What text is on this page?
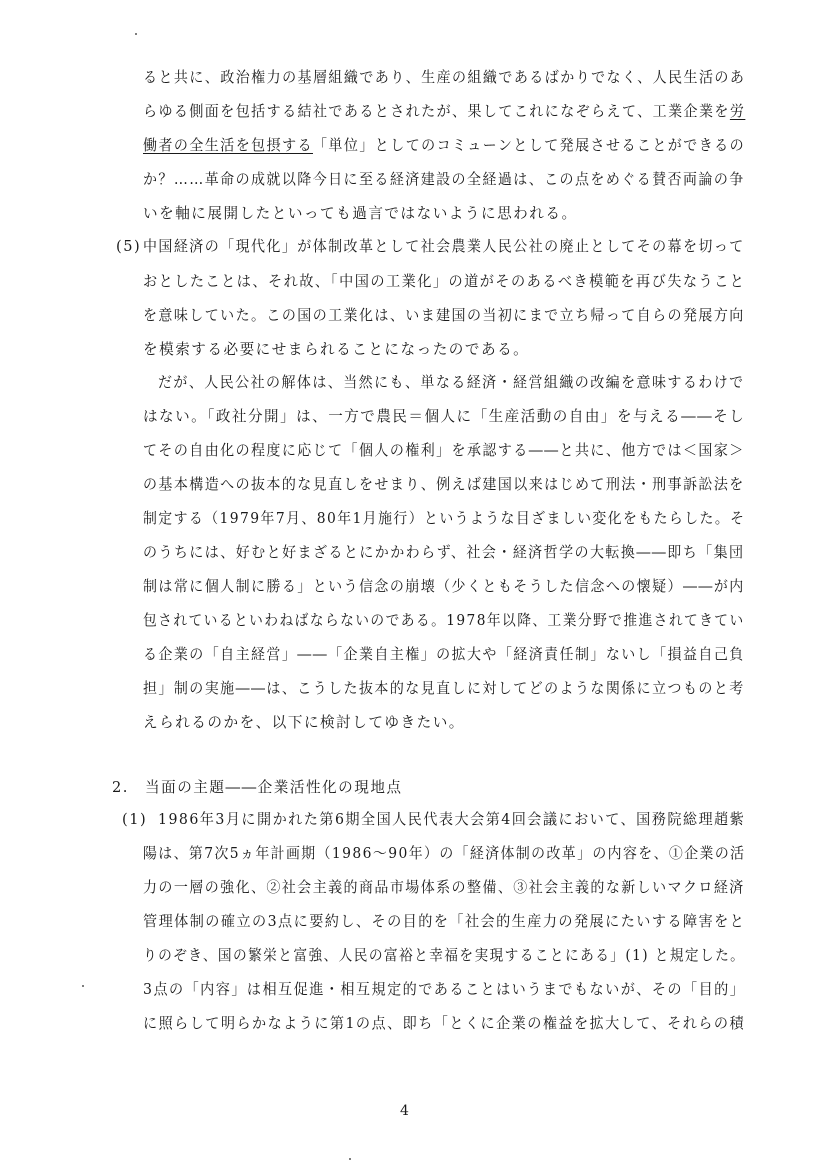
ると共に、政治権力の基層組織であり、生産の組織であるばかりでなく、人民生活のあ
らゆる側面を包括する結社であるとされたが、果してこれになぞらえて、工業企業を労
働者の全生活を包摂する「単位」としてのコミューンとして発展させることができるの
か？……革命の成就以降今日に至る経済建設の全経過は、この点をめぐる賛否両論の争
いを軸に展開したといっても過言ではないように思われる。
(5) 中国経済の「現代化」が体制改革として社会農業人民公社の廃止としてその幕を切って
おとしたことは、それ故、「中国の工業化」の道がそのあるべき模範を再び失なうこと
を意味していた。この国の工業化は、いま建国の当初にまで立ち帰って自らの発展方向
を模索する必要にせまられることになったのである。
だが、人民公社の解体は、当然にも、単なる経済・経営組織の改編を意味するわけで
はない。「政社分開」は、一方で農民＝個人に「生産活動の自由」を与える――そし
てその自由化の程度に応じて「個人の権利」を承認する――と共に、他方では＜国家＞
の基本構造への抜本的な見直しをせまり、例えば建国以来はじめて刑法・刑事訴訟法を
制定する（1979年7月、80年1月施行）というような目ざましい変化をもたらした。そ
のうちには、好むと好まざるとにかかわらず、社会・経済哲学の大転換――即ち「集団
制は常に個人制に勝る」という信念の崩壊（少くともそうした信念への懐疑）――が内
包されているといわねばならないのである。1978年以降、工業分野で推進されてきてい
る企業の「自主経営」――「企業自主権」の拡大や「経済責任制」ないし「損益自己負
担」制の実施――は、こうした抜本的な見直しに対してどのような関係に立つものと考
えられるのかを、以下に検討してゆきたい。
2.　当面の主題――企業活性化の現地点
(1) 1986年3月に開かれた第6期全国人民代表大会第4回会議において、国務院総理趙紫
陽は、第7次5ヵ年計画期（1986～90年）の「経済体制の改革」の内容を、①企業の活
力の一層の強化、②社会主義的商品市場体系の整備、③社会主義的な新しいマクロ経済
管理体制の確立の3点に要約し、その目的を「社会的生産力の発展にたいする障害をと
りのぞき、国の繁栄と富強、人民の富裕と幸福を実現することにある」(1) と規定した。
3点の「内容」は相互促進・相互規定的であることはいうまでもないが、その「目的」
に照らして明らかなように第1の点、即ち「とくに企業の権益を拡大して、それらの積
4
